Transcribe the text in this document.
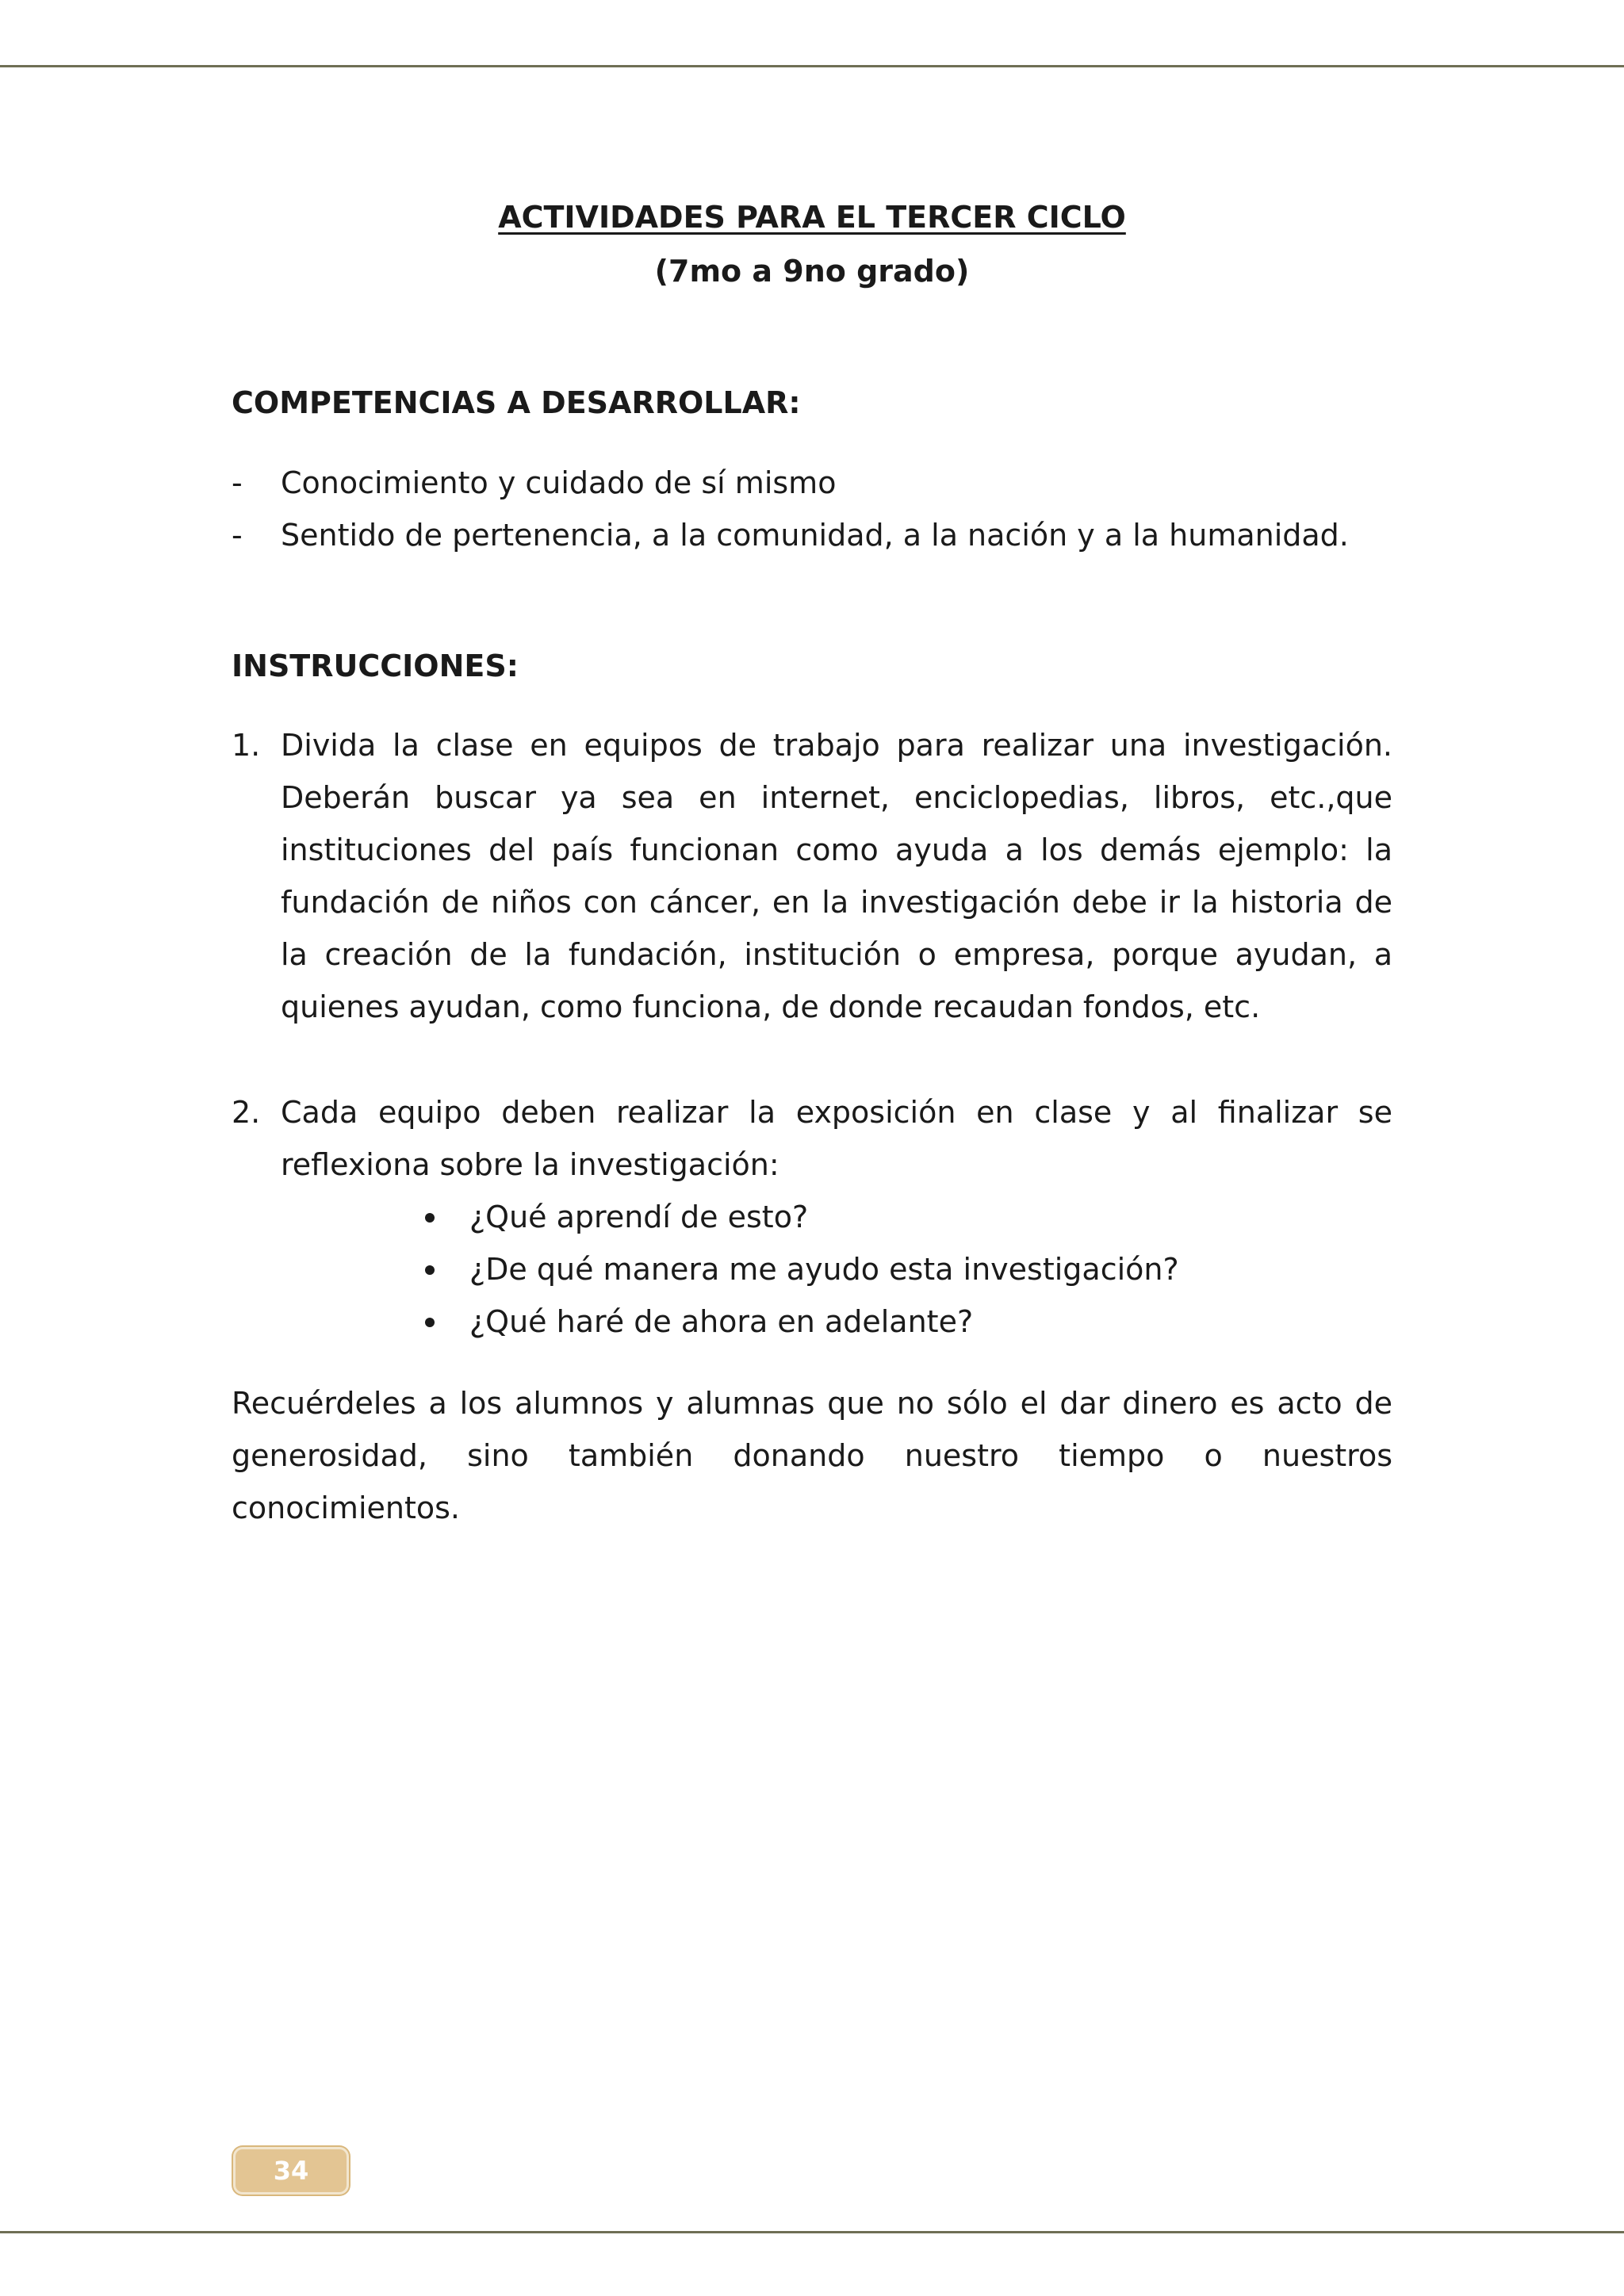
ACTIVIDADES PARA EL TERCER CICLO
(7mo a 9no grado)
COMPETENCIAS A DESARROLLAR:
- Conocimiento y cuidado de sí mismo
- Sentido de pertenencia, a la comunidad, a la nación y a la humanidad.
INSTRUCCIONES:
1. Divida la clase en equipos de trabajo para realizar una investigación. Deberán buscar ya sea en internet, enciclopedias, libros, etc.,que instituciones del país funcionan como ayuda a los demás ejemplo: la fundación de niños con cáncer, en la investigación debe ir la historia de la creación de la fundación, institución o empresa, porque ayudan, a quienes ayudan, como funciona, de donde recaudan fondos, etc.
2. Cada equipo deben realizar la exposición en clase y al finalizar se reflexiona sobre la investigación:
¿Qué aprendí de esto?
¿De qué manera me ayudo esta investigación?
¿Qué haré de ahora en adelante?
Recuérdeles a los alumnos y alumnas que no sólo el dar dinero es acto de generosidad, sino también donando nuestro tiempo o nuestros conocimientos.
34
